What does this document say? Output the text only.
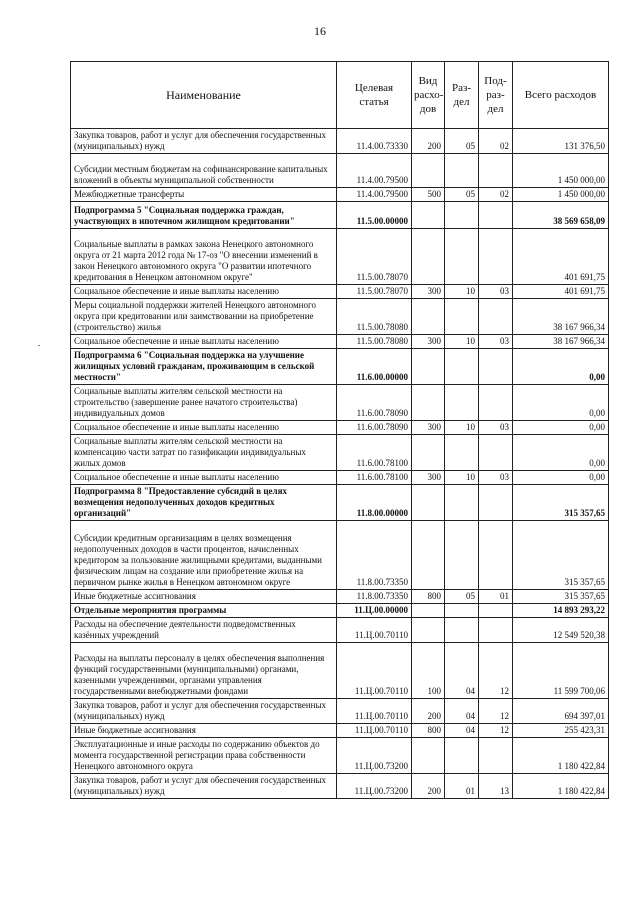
16
Наименование	Целевая статья	Вид расхо- дов	Раз- дел	Под- раз- дел	Всего расходов
Закупка товаров, работ и услуг для обеспечения государственных (муниципальных) нужд	11.4.00.73330	200	05	02	131 376,50
Субсидии местным бюджетам на софинансирование капитальных вложений в объекты муниципальной собственности	11.4.00.79500				1 450 000,00
Межбюджетные трансферты	11.4.00.79500	500	05	02	1 450 000,00
Подпрограмма 5 "Социальная поддержка граждан, участвующих в ипотечном жилищном кредитовании"	11.5.00.00000				38 569 658,09
Социальные выплаты в рамках закона Ненецкого автономного округа от 21 марта 2012 года № 17-оз "О внесении изменений в закон Ненецкого автономного округа "О развитии ипотечного кредитования в Ненецком автономном округе"	11.5.00.78070				401 691,75
Социальное обеспечение и иные выплаты населению	11.5.00.78070	300	10	03	401 691,75
Меры социальной поддержки жителей Ненецкого автономного округа при кредитовании или заимствовании на приобретение (строительство) жилья	11.5.00.78080				38 167 966,34
Социальное обеспечение и иные выплаты населению	11.5.00.78080	300	10	03	38 167 966,34
Подпрограмма 6 "Социальная поддержка на улучшение жилищных условий гражданам, проживающим в сельской местности"	11.6.00.00000				0,00
Социальные выплаты жителям сельской местности на строительство (завершение ранее начатого строительства) индивидуальных домов	11.6.00.78090				0,00
Социальное обеспечение и иные выплаты населению	11.6.00.78090	300	10	03	0,00
Социальные выплаты жителям сельской местности на компенсацию части затрат по газификации индивидуальных жилых домов	11.6.00.78100				0,00
Социальное обеспечение и иные выплаты населению	11.6.00.78100	300	10	03	0,00
Подпрограмма 8 "Предоставление субсидий в целях возмещения недополученных доходов кредитных организаций"	11.8.00.00000				315 357,65
Субсидии кредитным организациям в целях возмещения недополученных доходов в части процентов, начисленных кредитором за пользование жилищными кредитами, выданными физическим лицам на создание или приобретение жилья на первичном рынке жилья в Ненецком автономном округе	11.8.00.73350				315 357,65
Иные бюджетные ассигнования	11.8.00.73350	800	05	01	315 357,65
Отдельные мероприятия программы	11.Ц.00.00000				14 893 293,22
Расходы на обеспечение деятельности подведомственных казённых учреждений	11.Ц.00.70110				12 549 520,38
Расходы на выплаты персоналу в целях обеспечения выполнения функций государственными (муниципальными) органами, казенными учреждениями, органами управления государственными внебюджетными фондами	11.Ц.00.70110	100	04	12	11 599 700,06
Закупка товаров, работ и услуг для обеспечения государственных (муниципальных) нужд	11.Ц.00.70110	200	04	12	694 397,01
Иные бюджетные ассигнования	11.Ц.00.70110	800	04	12	255 423,31
Эксплуатационные и иные расходы по содержанию объектов до момента государственной регистрации права собственности Ненецкого автономного округа	11.Ц.00.73200				1 180 422,84
Закупка товаров, работ и услуг для обеспечения государственных (муниципальных) нужд	11.Ц.00.73200	200	01	13	1 180 422,84
